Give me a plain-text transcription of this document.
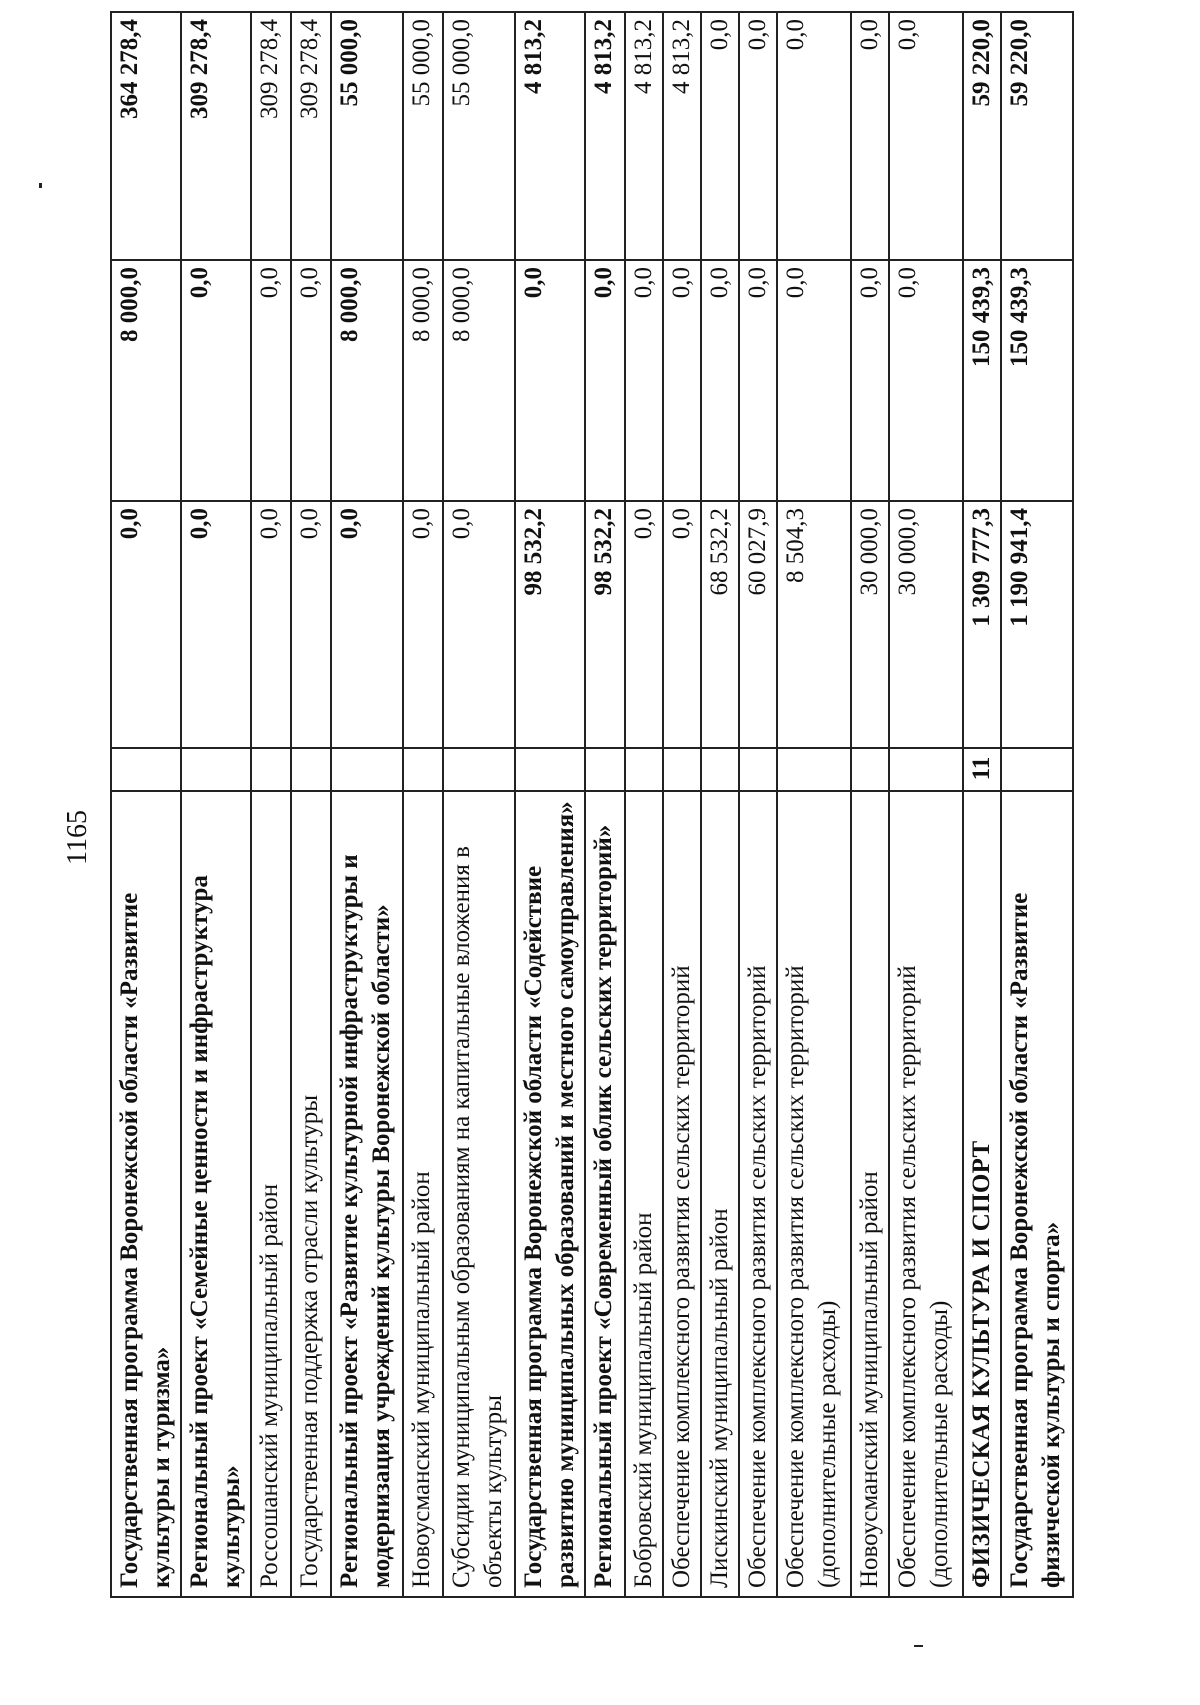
1165
Государственная программа Воронежской области «Развитие культуры и туризма»		0,0	8 000,0	364 278,4
Региональный проект «Семейные ценности и инфраструктура культуры»		0,0	0,0	309 278,4
Россошанский муниципальный район		0,0	0,0	309 278,4
Государственная поддержка отрасли культуры		0,0	0,0	309 278,4
Региональный проект «Развитие культурной инфраструктуры и модернизация учреждений культуры Воронежской области»		0,0	8 000,0	55 000,0
Новоусманский муниципальный район		0,0	8 000,0	55 000,0
Субсидии муниципальным образованиям на капитальные вложения в объекты культуры		0,0	8 000,0	55 000,0
Государственная программа Воронежской области «Содействие развитию муниципальных образований и местного самоуправления»		98 532,2	0,0	4 813,2
Региональный проект «Современный облик сельских территорий»		98 532,2	0,0	4 813,2
Бобровский муниципальный район		0,0	0,0	4 813,2
Обеспечение комплексного развития сельских территорий		0,0	0,0	4 813,2
Лискинский муниципальный район		68 532,2	0,0	0,0
Обеспечение комплексного развития сельских территорий		60 027,9	0,0	0,0
Обеспечение комплексного развития сельских территорий (дополнительные расходы)		8 504,3	0,0	0,0
Новоусманский муниципальный район		30 000,0	0,0	0,0
Обеспечение комплексного развития сельских территорий (дополнительные расходы)		30 000,0	0,0	0,0
ФИЗИЧЕСКАЯ КУЛЬТУРА И СПОРТ	11	1 309 777,3	150 439,3	59 220,0
Государственная программа Воронежской области «Развитие физической культуры и спорта»		1 190 941,4	150 439,3	59 220,0
